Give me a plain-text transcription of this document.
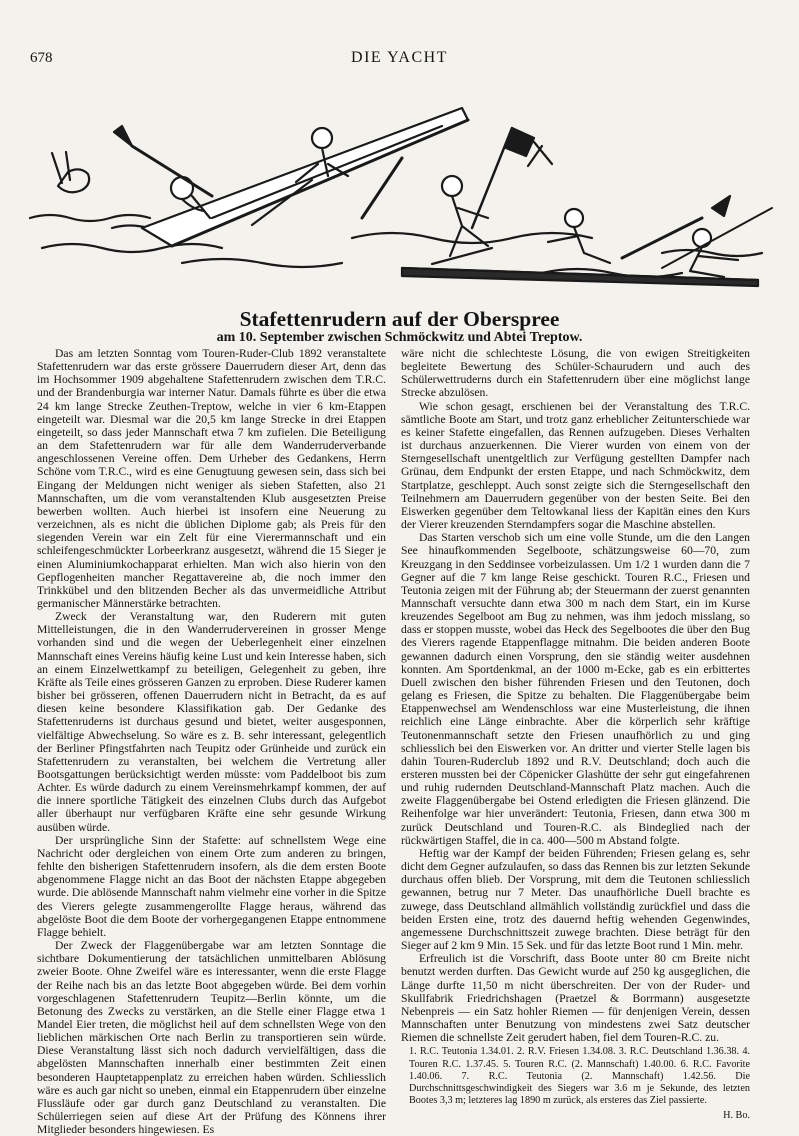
678	DIE YACHT
Stafettenrudern auf der Oberspree
am 10. September zwischen Schmöckwitz und Abtei Treptow.

Das am letzten Sonntag vom Touren-Ruder-Club 1892 veranstaltete Stafettenrudern war das erste grössere Dauerrudern dieser Art, denn das im Hochsommer 1909 abgehaltene Stafettenrudern zwischen dem T.R.C. und der Brandenburgia war interner Natur. Damals führte es über die etwa 24 km lange Strecke Zeuthen-Treptow, welche in vier 6 km-Etappen eingeteilt war. Diesmal war die 20,5 km lange Strecke in drei Etappen eingeteilt, so dass jeder Mannschaft etwa 7 km zufielen. Die Beteiligung an dem Stafettenrudern war für alle dem Wanderruderverbande angeschlossenen Vereine offen. Dem Urheber des Gedankens, Herrn Schöne vom T.R.C., wird es eine Genugtuung gewesen sein, dass sich bei Eingang der Meldungen nicht weniger als sieben Stafetten, also 21 Mannschaften, um die vom veranstaltenden Klub ausgesetzten Preise bewerben wollten. Auch hierbei ist insofern eine Neuerung zu verzeichnen, als es nicht die üblichen Diplome gab; als Preis für den siegenden Verein war ein Zelt für eine Vierermannschaft und ein schleifengeschmückter Lorbeerkranz ausgesetzt, während die 15 Sieger je einen Aluminiumkochapparat erhielten. Man wich also hierin von den Gepflogenheiten mancher Regattavereine ab, die noch immer den Trinkkübel und den blitzenden Becher als das unvermeidliche Attribut germanischer Männerstärke betrachten.

Zweck der Veranstaltung war, den Ruderern mit guten Mittelleistungen, die in den Wanderrudervereinen in grosser Menge vorhanden sind und die wegen der Ueberlegenheit einer einzelnen Mannschaft eines Vereins häufig keine Lust und kein Interesse haben, sich an einem Einzelwettkampf zu beteiligen, Gelegenheit zu geben, ihre Kräfte als Teile eines grösseren Ganzen zu erproben. Diese Ruderer kamen bisher bei grösseren, offenen Dauerrudern nicht in Betracht, da es auf diesen keine besondere Klassifikation gab. Der Gedanke des Stafettenruderns ist durchaus gesund und bietet, weiter ausgesponnen, vielfältige Abwechselung. So wäre es z. B. sehr interessant, gelegentlich der Berliner Pfingstfahrten nach Teupitz oder Grünheide und zurück ein Stafettenrudern zu veranstalten, bei welchem die Vertretung aller Bootsgattungen berücksichtigt werden müsste: vom Paddelboot bis zum Achter. Es würde dadurch zu einem Vereinsmehrkampf kommen, der auf die innere sportliche Tätigkeit des einzelnen Clubs durch das Aufgebot aller überhaupt nur verfügbaren Kräfte eine sehr gesunde Wirkung ausüben würde.

Der ursprüngliche Sinn der Stafette: auf schnellstem Wege eine Nachricht oder dergleichen von einem Orte zum anderen zu bringen, fehlte den bisherigen Stafettenrudern insofern, als die dem ersten Boote abgenommene Flagge nicht an das Boot der nächsten Etappe abgegeben wurde. Die ablösende Mannschaft nahm vielmehr eine vorher in die Spitze des Vierers gelegte zusammengerollte Flagge heraus, während das abgelöste Boot die dem Boote der vorhergegangenen Etappe entnommene Flagge behielt.

Der Zweck der Flaggenübergabe war am letzten Sonntage die sichtbare Dokumentierung der tatsächlichen unmittelbaren Ablösung zweier Boote. Ohne Zweifel wäre es interessanter, wenn die erste Flagge der Reihe nach bis an das letzte Boot abgegeben würde. Bei dem vorhin vorgeschlagenen Stafettenrudern Teupitz—Berlin könnte, um die Betonung des Zwecks zu verstärken, an die Stelle einer Flagge etwa 1 Mandel Eier treten, die möglichst heil auf dem schnellsten Wege von den lieblichen märkischen Orte nach Berlin zu transportieren sein würde. Diese Veranstaltung lässt sich noch dadurch vervielfältigen, dass die abgelösten Mannschaften innerhalb einer bestimmten Zeit einen besonderen Hauptetappenplatz zu erreichen haben würden. Schliesslich wäre es auch gar nicht so uneben, einmal ein Etappenrudern über einzelne Flussläufe oder gar durch ganz Deutschland zu veranstalten. Die Schülerriegen seien auf diese Art der Prüfung des Könnens ihrer Mitglieder besonders hingewiesen. Es

wäre nicht die schlechteste Lösung, die von ewigen Streitigkeiten begleitete Bewertung des Schüler-Schaurudern und auch des Schülerwettruderns durch ein Stafettenrudern über eine möglichst lange Strecke abzulösen.

Wie schon gesagt, erschienen bei der Veranstaltung des T.R.C. sämtliche Boote am Start, und trotz ganz erheblicher Zeitunterschiede war es keiner Stafette eingefallen, das Rennen aufzugeben. Dieses Verhalten ist durchaus anzuerkennen. Die Vierer wurden von einem von der Sterngesellschaft unentgeltlich zur Verfügung gestellten Dampfer nach Grünau, dem Endpunkt der ersten Etappe, und nach Schmöckwitz, dem Startplatze, geschleppt. Auch sonst zeigte sich die Sterngesellschaft den Teilnehmern am Dauerrudern gegenüber von der besten Seite. Bei den Eiswerken gegenüber dem Teltowkanal liess der Kapitän eines den Kurs der Vierer kreuzenden Sterndampfers sogar die Maschine abstellen.

Das Starten verschob sich um eine volle Stunde, um die den Langen See hinaufkommenden Segelboote, schätzungsweise 60—70, zum Kreuzgang in den Seddinsee vorbeizulassen. Um 1/2 1 wurden dann die 7 Gegner auf die 7 km lange Reise geschickt. Touren R.C., Friesen und Teutonia zeigen mit der Führung ab; der Steuermann der zuerst genannten Mannschaft versuchte dann etwa 300 m nach dem Start, ein im Kurse kreuzendes Segelboot am Bug zu nehmen, was ihm jedoch misslang, so dass er stoppen musste, wobei das Heck des Segelbootes die über den Bug des Vierers ragende Etappenflagge mitnahm. Die beiden anderen Boote gewannen dadurch einen Vorsprung, den sie ständig weiter ausdehnen konnten. Am Sportdenkmal, an der 1000 m-Ecke, gab es ein erbittertes Duell zwischen den bisher führenden Friesen und den Teutonen, doch gelang es Friesen, die Spitze zu behalten. Die Flaggenübergabe beim Etappenwechsel am Wendenschloss war eine Musterleistung, die ihnen reichlich eine Länge einbrachte. Aber die körperlich sehr kräftige Teutonenmannschaft setzte den Friesen unaufhörlich zu und ging schliesslich bei den Eiswerken vor. An dritter und vierter Stelle lagen bis dahin Touren-Ruderclub 1892 und R.V. Deutschland; doch auch die ersteren mussten bei der Cöpenicker Glashütte der sehr gut eingefahrenen und ruhig rudernden Deutschland-Mannschaft Platz machen. Auch die zweite Flaggenübergabe bei Ostend erledigten die Friesen glänzend. Die Reihenfolge war hier unverändert: Teutonia, Friesen, dann etwa 300 m zurück Deutschland und Touren-R.C. als Bindeglied nach der rückwärtigen Staffel, die in ca. 400—500 m Abstand folgte.

Heftig war der Kampf der beiden Führenden; Friesen gelang es, sehr dicht dem Gegner aufzulaufen, so dass das Rennen bis zur letzten Sekunde durchaus offen blieb. Der Vorsprung, mit dem die Teutonen schliesslich gewannen, betrug nur 7 Meter. Das unaufhörliche Duell brachte es zuwege, dass Deutschland allmählich vollständig zurückfiel und dass die beiden Ersten eine, trotz des dauernd heftig wehenden Gegenwindes, angemessene Durchschnittszeit zuwege brachten. Diese beträgt für den Sieger auf 2 km 9 Min. 15 Sek. und für das letzte Boot rund 1 Min. mehr.

Erfreulich ist die Vorschrift, dass Boote unter 80 cm Breite nicht benutzt werden durften. Das Gewicht wurde auf 250 kg ausgeglichen, die Länge durfte 11,50 m nicht überschreiten. Der von der Ruder- und Skullfabrik Friedrichshagen (Praetzel & Borrmann) ausgesetzte Nebenpreis — ein Satz hohler Riemen — für denjenigen Verein, dessen Mannschaften unter Benutzung von mindestens zwei Satz deutscher Riemen die schnellste Zeit gerudert haben, fiel dem Touren-R.C. zu.

1. R.C. Teutonia 1.34.01. 2. R.V. Friesen 1.34.08. 3. R.C. Deutschland 1.36.38. 4. Touren R.C. 1.37.45. 5. Touren R.C. (2. Mannschaft) 1.40.00. 6. R.C. Favorite 1.40.06. 7. R.C. Teutonia (2. Mannschaft) 1.42.56. Die Durchschnittsgeschwindigkeit des Siegers war 3.6 m je Sekunde, des letzten Bootes 3,3 m; letzteres lag 1890 m zurück, als ersteres das Ziel passierte.

H. Bo.
